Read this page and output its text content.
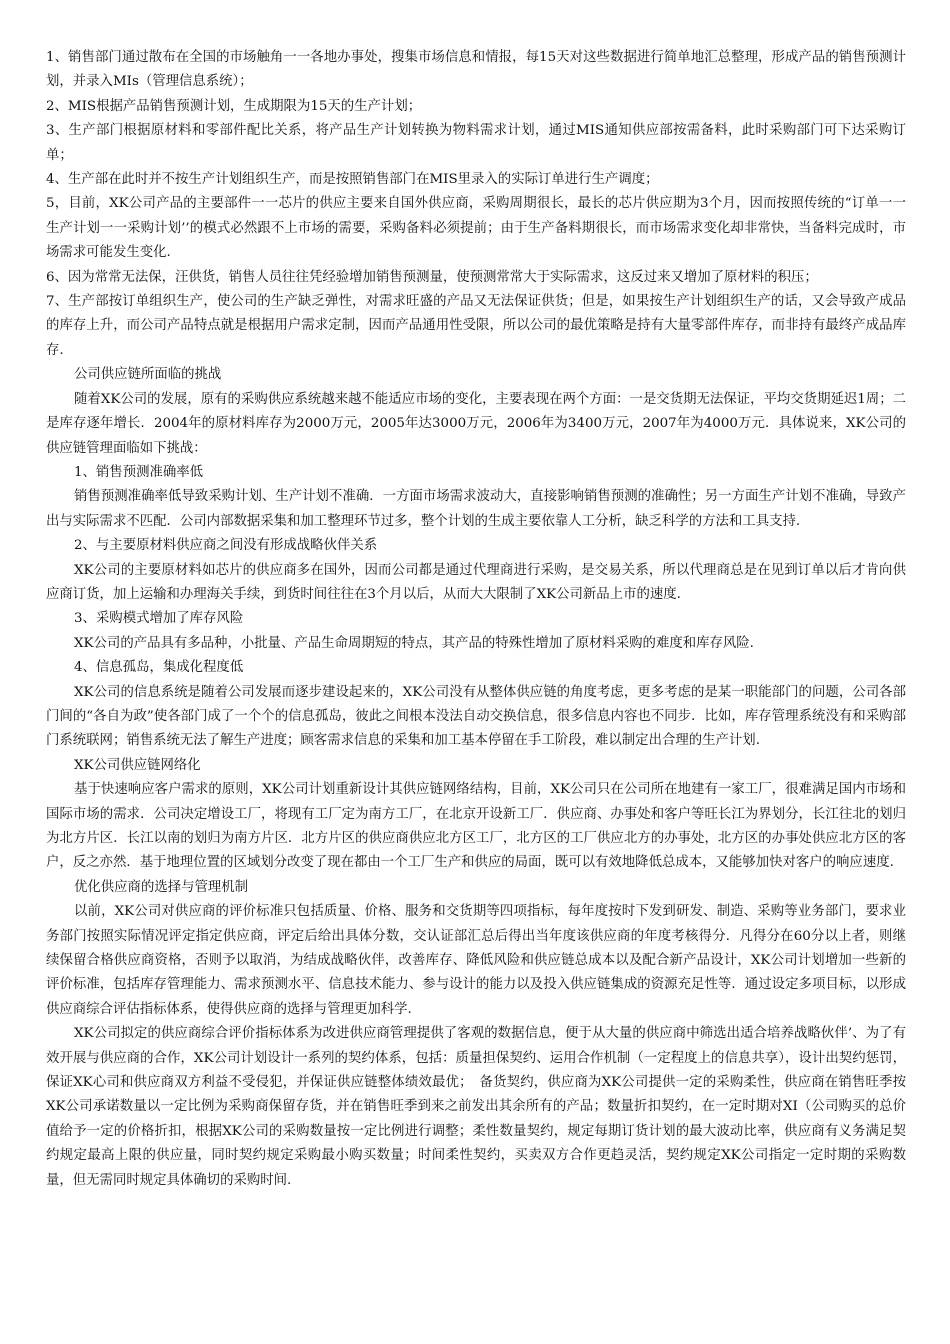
1、销售部门通过散布在全国的市场触角一一各地办事处，搜集市场信息和情报，每15天对这些数据进行简单地汇总整理，形成产品的销售预测计划，并录入MIs（管理信息系统）；

2、MIS根据产品销售预测计划，生成期限为15天的生产计划；

3、生产部门根据原材料和零部件配比关系，将产品生产计划转换为物料需求计划，通过MIS通知供应部按需备料，此时采购部门可下达采购订单；

4、生产部在此时并不按生产计划组织生产，而是按照销售部门在MIS里录入的实际订单进行生产调度；

5，目前，XK公司产品的主要部件一一芯片的供应主要来自国外供应商，采购周期很长，最长的芯片供应期为3个月，因而按照传统的“订单一一生产计划一一采购计划’’的模式必然跟不上市场的需要，采购备料必须提前；由于生产备料期很长，而市场需求变化却非常快，当备料完成时，市场需求可能发生变化.

6、因为常常无法保，汪供货，销售人员往往凭经验增加销售预测量，使预测常常大于实际需求，这反过来又增加了原材料的积压；

7、生产部按订单组织生产，使公司的生产缺乏弹性，对需求旺盛的产品又无法保证供货；但是，如果按生产计划组织生产的话，又会导致产成品的库存上升，而公司产品特点就是根据用户需求定制，因而产品通用性受限，所以公司的最优策略是持有大量零部件库存，而非持有最终产成品库存.

公司供应链所面临的挑战

随着XK公司的发展，原有的采购供应系统越来越不能适应市场的变化，主要表现在两个方面：一是交货期无法保证，平均交货期延迟1周；二是库存逐年增长．2004年的原材料库存为2000万元，2005年达3000万元，2006年为3400万元，2007年为4000万元．具体说来，XK公司的供应链管理面临如下挑战：

1、销售预测准确率低

销售预测准确率低导致采购计划、生产计划不准确．一方面市场需求波动大，直接影响销售预测的准确性；另一方面生产计划不准确，导致产出与实际需求不匹配．公司内部数据采集和加工整理环节过多，整个计划的生成主要依靠人工分析，缺乏科学的方法和工具支持.

2、与主要原材料供应商之间没有形成战略伙伴关系

XK公司的主要原材料如芯片的供应商多在国外，因而公司都是通过代理商进行采购，是交易关系，所以代理商总是在见到订单以后才肯向供应商订货，加上运输和办理海关手续，到货时间往往在3个月以后，从而大大限制了XK公司新品上市的速度.

3、采购模式增加了库存风险

XK公司的产品具有多品种，小批量、产品生命周期短的特点，其产品的特殊性增加了原材料采购的难度和库存风险.

4、信息孤岛，集成化程度低

XK公司的信息系统是随着公司发展而逐步建设起来的，XK公司没有从整体供应链的角度考虑，更多考虑的是某一职能部门的问题，公司各部门间的“各自为政”使各部门成了一个个的信息孤岛，彼此之间根本没法自动交换信息，很多信息内容也不同步．比如，库存管理系统没有和采购部门系统联网；销售系统无法了解生产进度；顾客需求信息的采集和加工基本停留在手工阶段，难以制定出合理的生产计划.

XK公司供应链网络化

基于快速响应客户需求的原则，XK公司计划重新设计其供应链网络结构，目前，XK公司只在公司所在地建有一家工厂，很难满足国内市场和国际市场的需求．公司决定增设工厂，将现有工厂定为南方工厂，在北京开设新工厂．供应商、办事处和客户等旺长江为界划分，长江往北的划归为北方片区．长江以南的划归为南方片区．北方片区的供应商供应北方区工厂，北方区的工厂供应北方的办事处，北方区的办事处供应北方区的客户，反之亦然．基于地理位置的区域划分改变了现在都由一个工厂生产和供应的局面，既可以有效地降低总成本，又能够加快对客户的响应速度.

优化供应商的选择与管理机制

以前，XK公司对供应商的评价标准只包括质量、价格、服务和交货期等四项指标，每年度按时下发到研发、制造、采购等业务部门，要求业务部门按照实际情况评定指定供应商，评定后给出具体分数，交认证部汇总后得出当年度该供应商的年度考核得分．凡得分在60分以上者，则继续保留合格供应商资格，否则予以取消，为结成战略伙伴，改善库存、降低风险和供应链总成本以及配合新产品设计，XK公司计划增加一些新的评价标准，包括库存管理能力、需求预测水平、信息技术能力、参与设计的能力以及投入供应链集成的资源充足性等．通过设定多项目标，以形成供应商综合评估指标体系，使得供应商的选择与管理更加科学.

XK公司拟定的供应商综合评价指标体系为改进供应商管理提供了客观的数据信息，便于从大量的供应商中筛选出适合培养战略伙伴’、为了有效开展与供应商的合作，XK公司计划设计一系列的契约体系，包括：质量担保契约、运用合作机制（一定程度上的信息共享），设计出契约惩罚，保证XK心司和供应商双方利益不受侵犯，并保证供应链整体绩效最优；　备货契约，供应商为XK公司提供一定的采购柔性，供应商在销售旺季按XK公司承诺数量以一定比例为采购商保留存货，并在销售旺季到来之前发出其余所有的产品；数量折扣契约，在一定时期对XI（公司购买的总价值给予一定的价格折扣，根据XK公司的采购数量按一定比例进行调整；柔性数量契约，规定每期订货计划的最大波动比率，供应商有义务满足契约规定最高上限的供应量，同时契约规定采购最小购买数量；时间柔性契约，买卖双方合作更趋灵活，契约规定XK公司指定一定时期的采购数量，但无需同时规定具体确切的采购时间.
